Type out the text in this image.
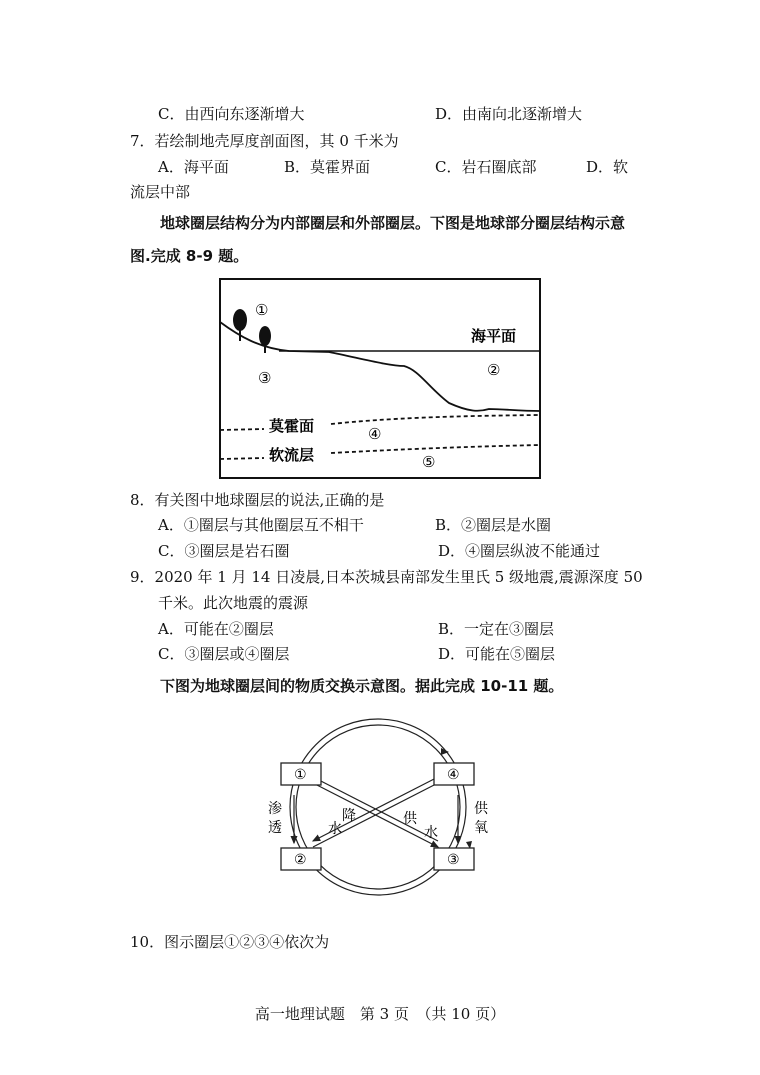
C．由西向东逐渐增大	D．由南向北逐渐增大
7．若绘制地壳厚度剖面图，其 0 千米为
A．海平面	B．莫霍界面	C．岩石圈底部	D．软
流层中部
地球圈层结构分为内部圈层和外部圈层。下图是地球部分圈层结构示意
图.完成 8-9 题。
①
海平面
③	②
莫霍面	④
软流层	⑤
8．有关图中地球圈层的说法,正确的是
A．①圈层与其他圈层互不相干	B．②圈层是水圈
C．③圈层是岩石圈	D．④圈层纵波不能通过
9．2020 年 1 月 14 日凌晨,日本茨城县南部发生里氏 5 级地震,震源深度 50
千米。此次地震的震源
A．可能在②圈层	B．一定在③圈层
C．③圈层或④圈层	D．可能在⑤圈层
下图为地球圈层间的物质交换示意图。据此完成 10-11 题。
①	④
②	③
渗
透
供
氧
水
降	供
水
10．图示圈层①②③④依次为
高一地理试题　第 3 页　（共 10 页）
